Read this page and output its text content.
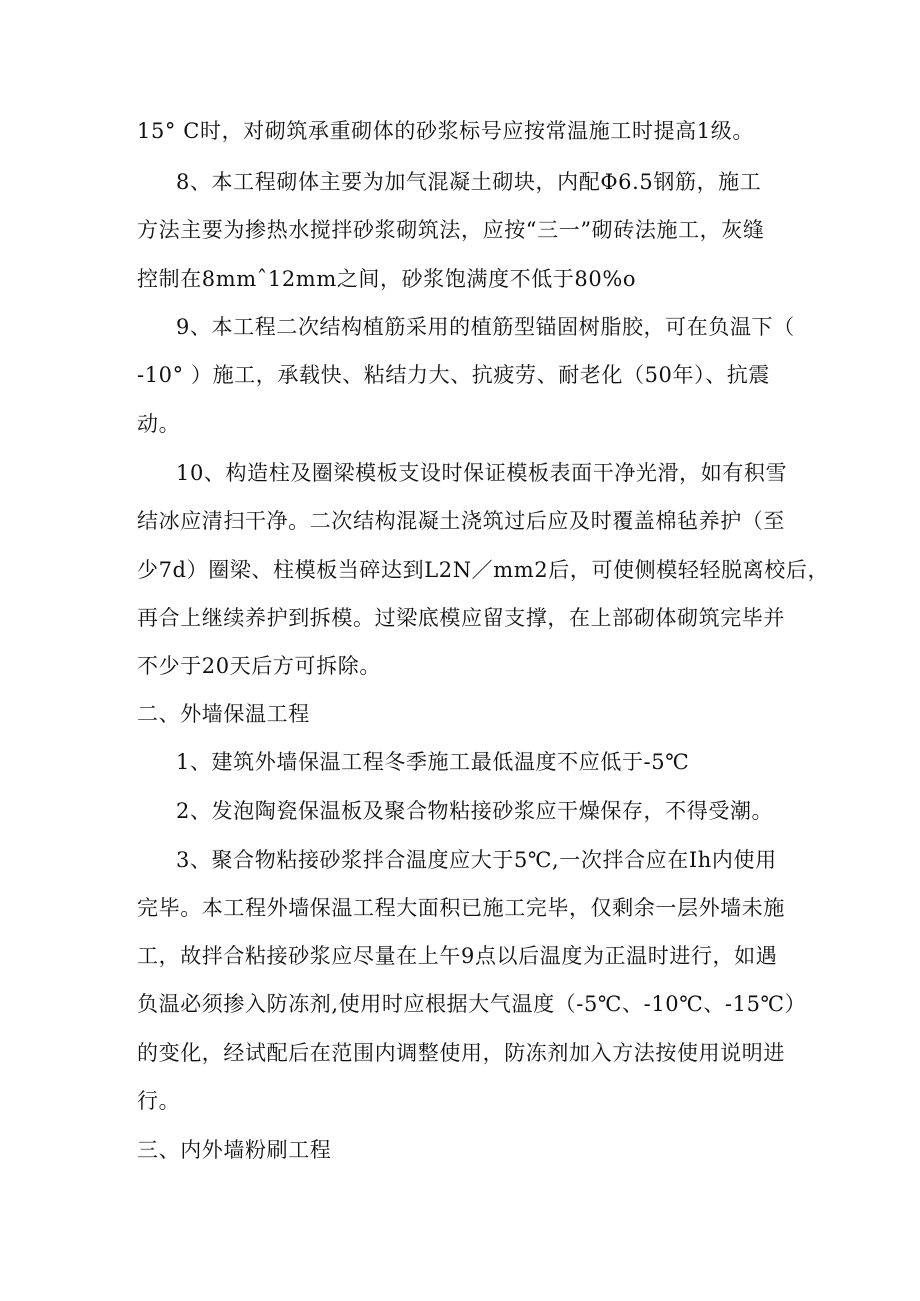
15° C时，对砌筑承重砌体的砂浆标号应按常温施工时提高1级。
8、本工程砌体主要为加气混凝土砌块，内配Φ6.5钢筋，施工
方法主要为掺热水搅拌砂浆砌筑法，应按“三一”砌砖法施工，灰缝
控制在8mmˆ12mm之间，砂浆饱满度不低于80%o
9、本工程二次结构植筋采用的植筋型锚固树脂胶，可在负温下（
-10° ）施工，承载快、粘结力大、抗疲劳、耐老化（50年）、抗震
动。
10、构造柱及圈梁模板支设时保证模板表面干净光滑，如有积雪
结冰应清扫干净。二次结构混凝土浇筑过后应及时覆盖棉毡养护（至
少7d）圈梁、柱模板当碎达到L2N／mm2后，可使侧模轻轻脱离校后，
再合上继续养护到拆模。过梁底模应留支撑，在上部砌体砌筑完毕并
不少于20天后方可拆除。
二、外墙保温工程
1、建筑外墙保温工程冬季施工最低温度不应低于-5℃
2、发泡陶瓷保温板及聚合物粘接砂浆应干燥保存，不得受潮。
3、聚合物粘接砂浆拌合温度应大于5℃,一次拌合应在Ih内使用
完毕。本工程外墙保温工程大面积已施工完毕，仅剩余一层外墙未施
工，故拌合粘接砂浆应尽量在上午9点以后温度为正温时进行，如遇
负温必须掺入防冻剂,使用时应根据大气温度（-5℃、-10℃、-15℃）
的变化，经试配后在范围内调整使用，防冻剂加入方法按使用说明进
行。
三、内外墙粉刷工程
